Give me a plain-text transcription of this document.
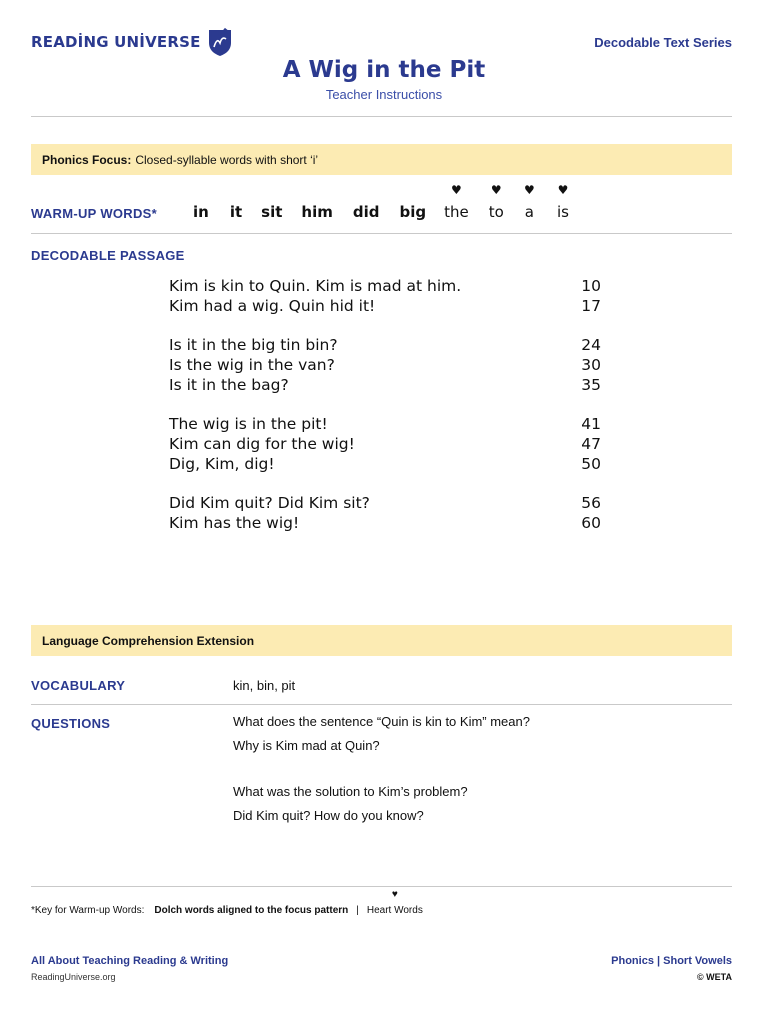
READİNG UNİVERSE	Decodable Text Series
A Wig in the Pit
Teacher Instructions
Phonics Focus: Closed-syllable words with short ‘i’
WARM-UP WORDS* in it sit him did big
♥
the
♥
to
♥
a
♥
is
DECODABLE PASSAGE
Kim is kin to Quin. Kim is mad at him.	10
Kim had a wig. Quin hid it!	17
Is it in the big tin bin?	24
Is the wig in the van?	30
Is it in the bag?	35
The wig is in the pit!	41
Kim can dig for the wig!	47
Dig, Kim, dig!	50
Did Kim quit? Did Kim sit?	56
Kim has the wig!	60
Language Comprehension Extension
VOCABULARY	kin, bin, pit
QUESTIONS	What does the sentence “Quin is kin to Kim” mean?
Why is Kim mad at Quin?
What was the solution to Kim’s problem?
Did Kim quit? How do you know?
*Key for Warm-up Words: Dolch words aligned to the focus pattern |
♥
Heart Words
All About Teaching Reading & Writing
ReadingUniverse.org
Phonics | Short Vowels
© WETA
